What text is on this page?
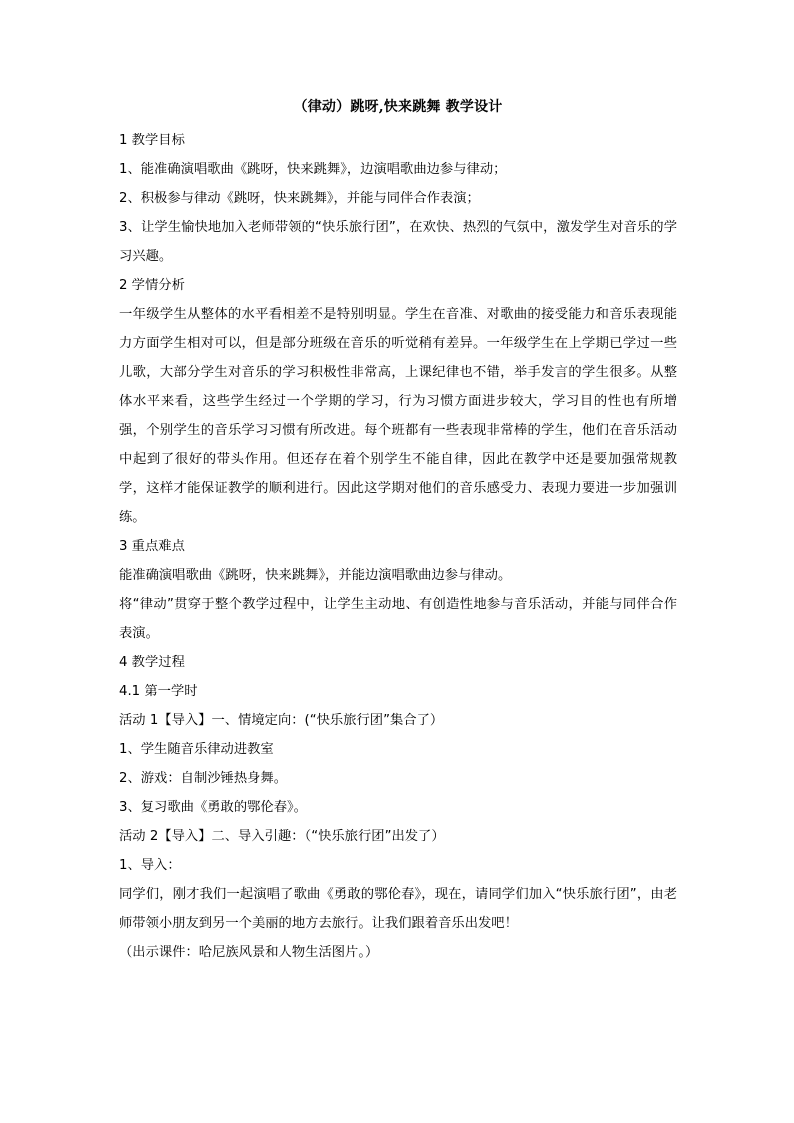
（律动）跳呀,快来跳舞 教学设计

1 教学目标

1、能准确演唱歌曲《跳呀，快来跳舞》，边演唱歌曲边参与律动；

2、积极参与律动《跳呀，快来跳舞》，并能与同伴合作表演；

3、让学生愉快地加入老师带领的“快乐旅行团”，在欢快、热烈的气氛中，激发学生对音乐的学习兴趣。

2 学情分析

一年级学生从整体的水平看相差不是特别明显。学生在音准、对歌曲的接受能力和音乐表现能力方面学生相对可以，但是部分班级在音乐的听觉稍有差异。一年级学生在上学期已学过一些儿歌，大部分学生对音乐的学习积极性非常高，上课纪律也不错，举手发言的学生很多。从整体水平来看，这些学生经过一个学期的学习，行为习惯方面进步较大，学习目的性也有所增强，个别学生的音乐学习习惯有所改进。每个班都有一些表现非常棒的学生，他们在音乐活动中起到了很好的带头作用。但还存在着个别学生不能自律，因此在教学中还是要加强常规教学，这样才能保证教学的顺利进行。因此这学期对他们的音乐感受力、表现力要进一步加强训练。

3 重点难点

能准确演唱歌曲《跳呀，快来跳舞》，并能边演唱歌曲边参与律动。

将“律动”贯穿于整个教学过程中，让学生主动地、有创造性地参与音乐活动，并能与同伴合作表演。

4 教学过程

4.1 第一学时

活动 1【导入】一、情境定向：(“快乐旅行团”集合了）

1、学生随音乐律动进教室

2、游戏：自制沙锤热身舞。

3、复习歌曲《勇敢的鄂伦春》。

活动 2【导入】二、导入引趣：（“快乐旅行团”出发了）

1、导入：

同学们，刚才我们一起演唱了歌曲《勇敢的鄂伦春》，现在，请同学们加入“快乐旅行团”，由老师带领小朋友到另一个美丽的地方去旅行。让我们跟着音乐出发吧！

（出示课件：哈尼族风景和人物生活图片。）
